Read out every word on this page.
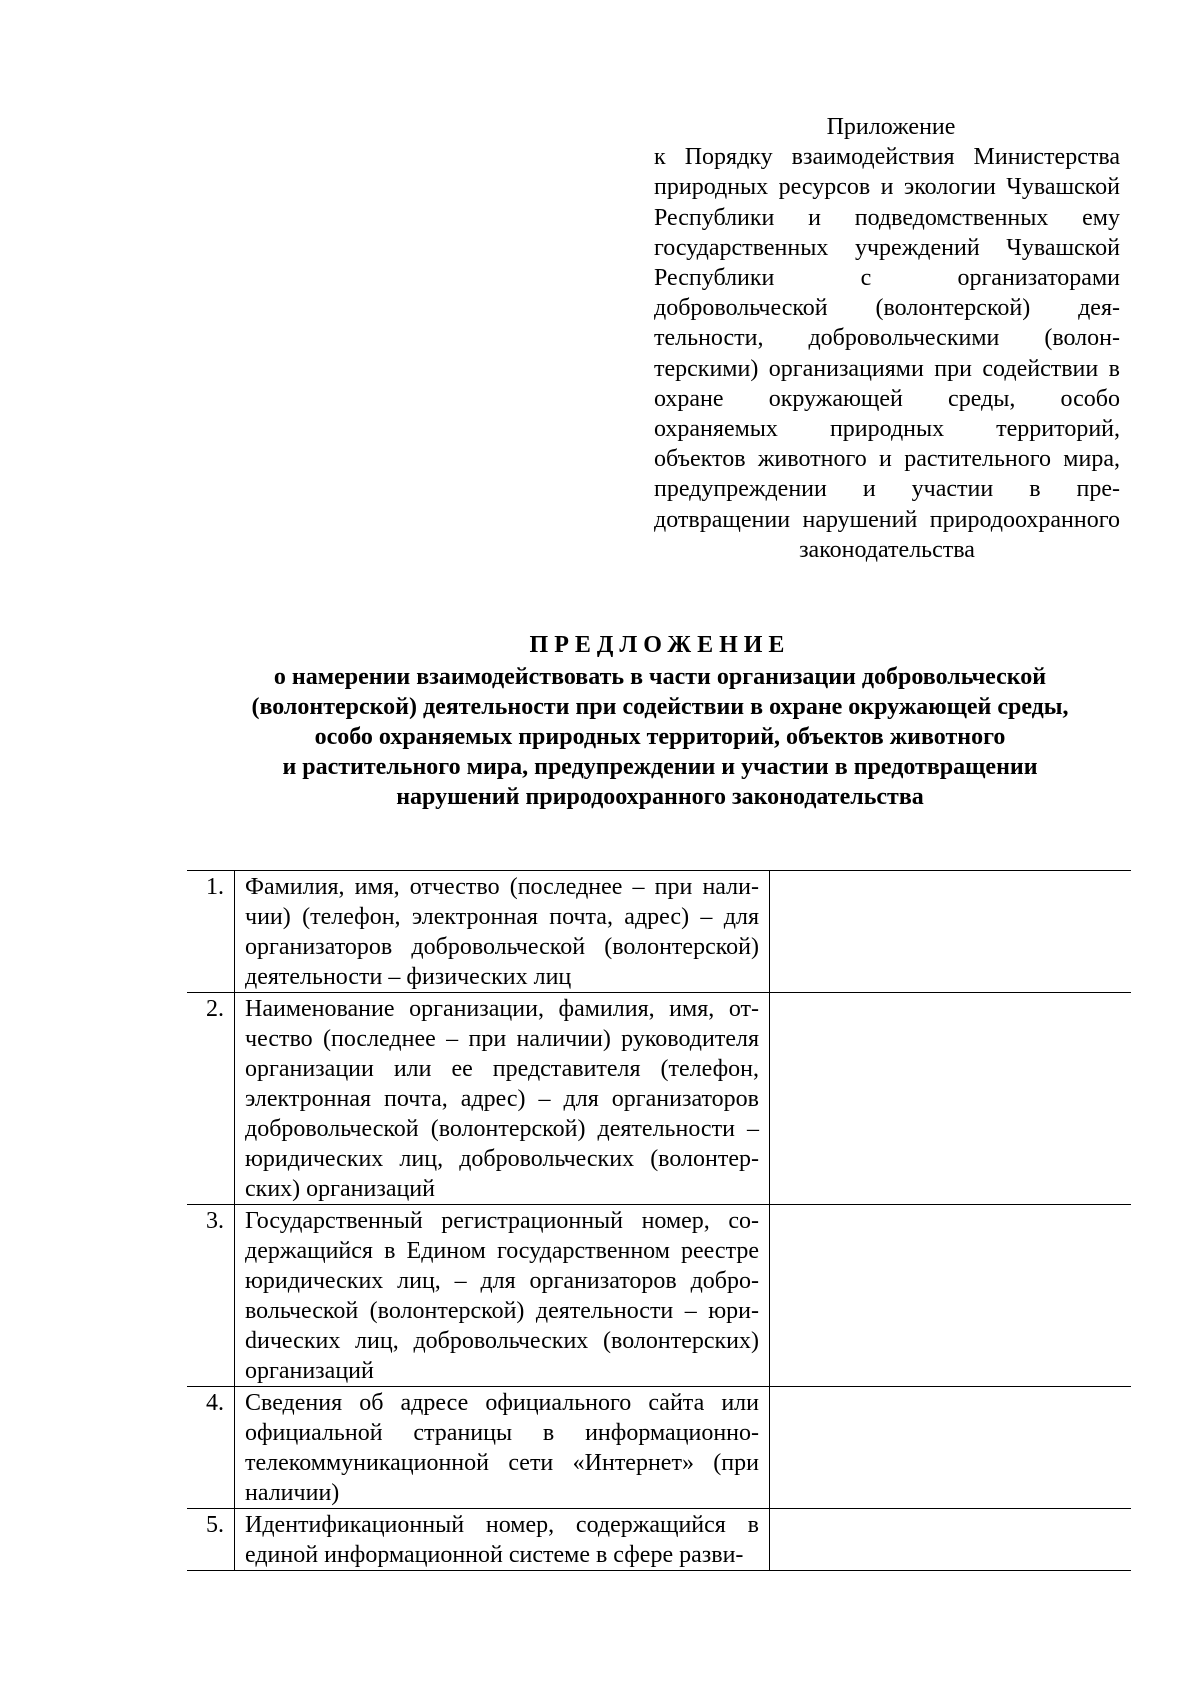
Приложение
к Порядку взаимодействия Министерства природных ресурсов и экологии Чувашской Республики и подведомственных ему государственных учреждений Чувашской Республики с организаторами добровольческой (волонтерской) деятельности, добровольческими (волонтерскими) организациями при содействии в охране окружающей среды, особо охраняемых природных территорий, объектов животного и растительного мира, предупреждении и участии в предотвращении нарушений природоохранного законодательства
ПРЕДЛОЖЕНИЕ
о намерении взаимодействовать в части организации добровольческой
(волонтерской) деятельности при содействии в охране окружающей среды,
особо охраняемых природных территорий, объектов животного
и растительного мира, предупреждении и участии в предотвращении
нарушений природоохранного законодательства
1.	Фамилия, имя, отчество (последнее – при наличии) (телефон, электронная почта, адрес) – для организаторов добровольческой (волонтерской) деятельности – физических лиц	
2.	Наименование организации, фамилия, имя, отчество (последнее – при наличии) руководителя организации или ее представителя (телефон, электронная почта, адрес) – для организаторов добровольческой (волонтерской) деятельности – юридических лиц, добровольческих (волонтерских) организаций	
3.	Государственный регистрационный номер, содержащийся в Едином государственном реестре юридических лиц, – для организаторов добровольческой (волонтерской) деятельности – юриdических лиц, добровольческих (волонтерских) организаций	
4.	Сведения об адресе официального сайта или официальной страницы в информационно-телекоммуникационной сети «Интернет» (при наличии)	
5.	Идентификационный номер, содержащийся в единой информационной системе в сфере разви-	
